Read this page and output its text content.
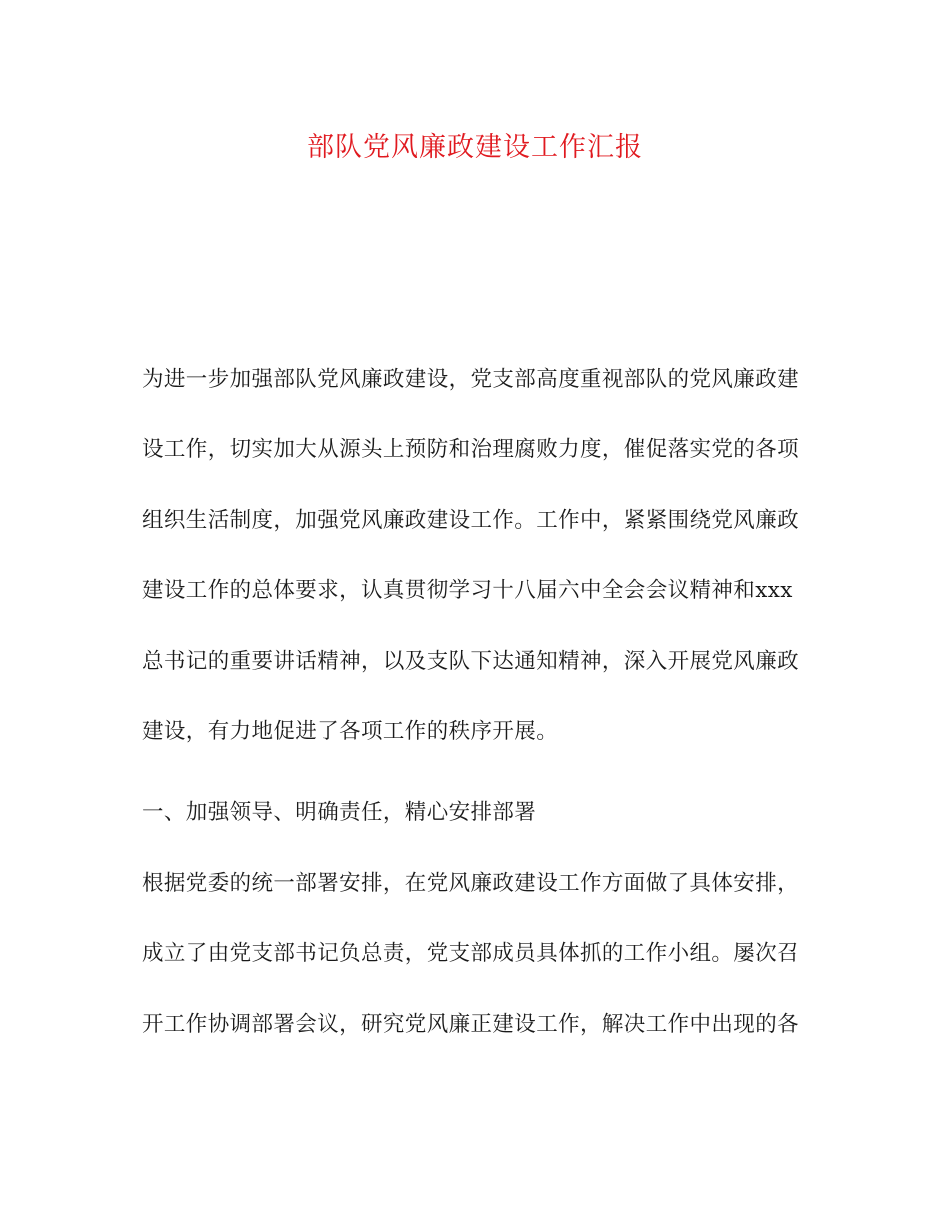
部队党风廉政建设工作汇报
为进一步加强部队党风廉政建设，党支部高度重视部队的党风廉政建
设工作，切实加大从源头上预防和治理腐败力度，催促落实党的各项
组织生活制度，加强党风廉政建设工作。工作中，紧紧围绕党风廉政
建设工作的总体要求，认真贯彻学习十八届六中全会会议精神和xxx
总书记的重要讲话精神，以及支队下达通知精神，深入开展党风廉政
建设，有力地促进了各项工作的秩序开展。
一、加强领导、明确责任，精心安排部署
根据党委的统一部署安排，在党风廉政建设工作方面做了具体安排，
成立了由党支部书记负总责，党支部成员具体抓的工作小组。屡次召
开工作协调部署会议，研究党风廉正建设工作，解决工作中出现的各
